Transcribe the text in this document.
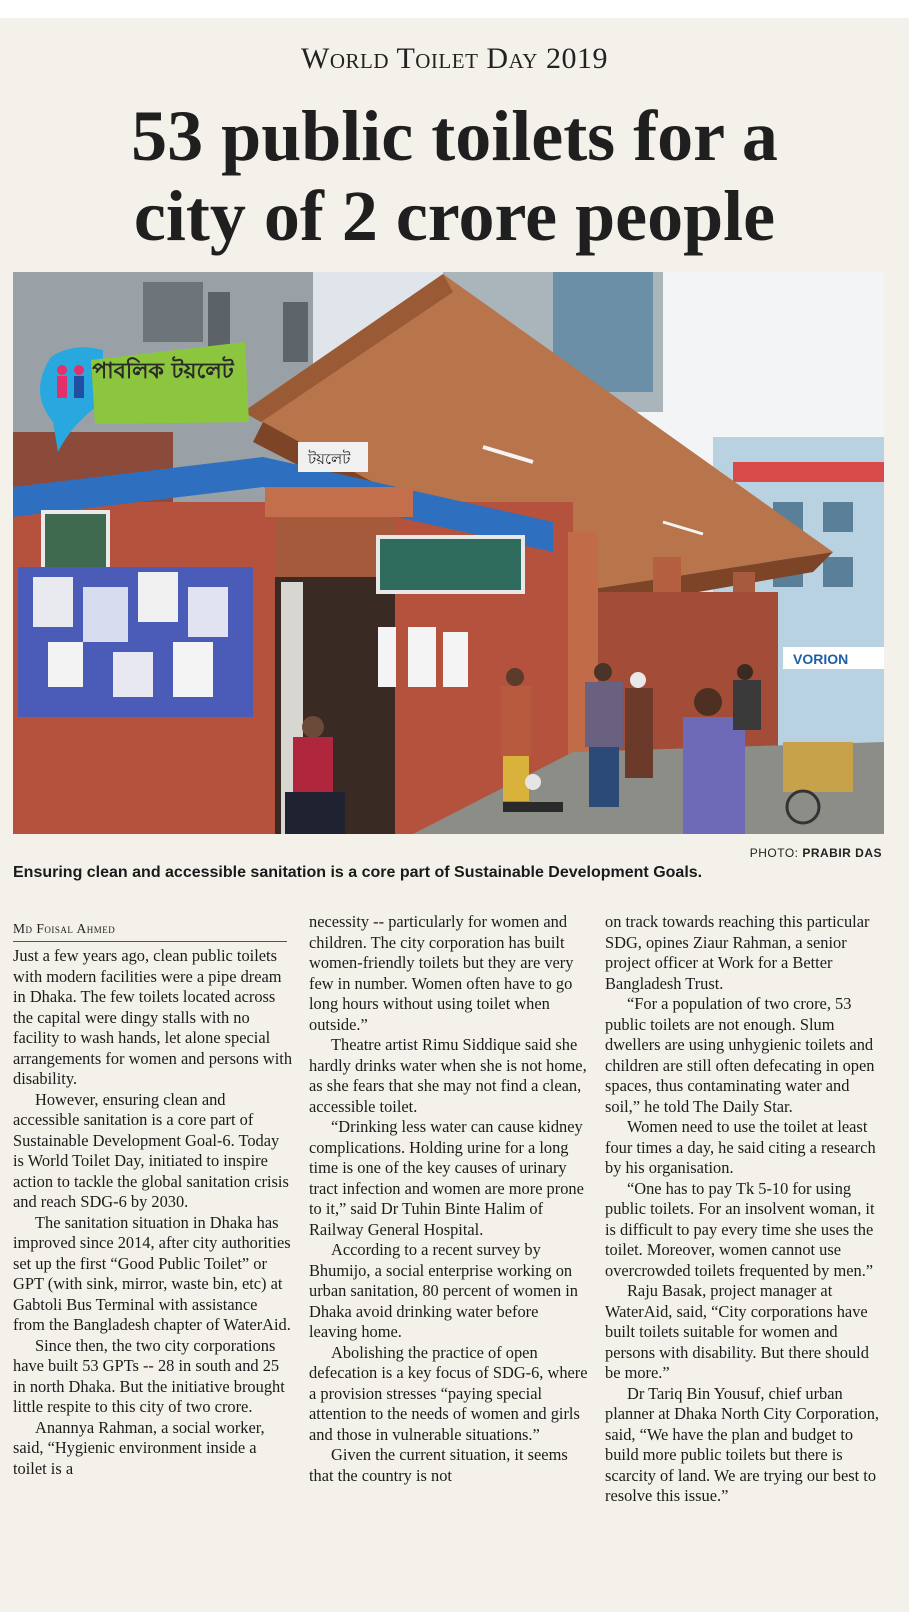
World Toilet Day 2019
53 public toilets for a
city of 2 crore people
VORION
টয়লেট
পাবলিক টয়লেট
PHOTO: PRABIR DAS
Ensuring clean and accessible sanitation is a core part of Sustainable Development Goals.
Md Foisal Ahmed

Just a few years ago, clean public toilets with modern facilities were a pipe dream in Dhaka. The few toilets located across the capital were dingy stalls with no facility to wash hands, let alone special arrangements for women and persons with disability.

However, ensuring clean and accessible sanitation is a core part of Sustainable Development Goal-6. Today is World Toilet Day, initiated to inspire action to tackle the global sanitation crisis and reach SDG-6 by 2030.

The sanitation situation in Dhaka has improved since 2014, after city authorities set up the first “Good Public Toilet” or GPT (with sink, mirror, waste bin, etc) at Gabtoli Bus Terminal with assistance from the Bangladesh chapter of WaterAid.

Since then, the two city corporations have built 53 GPTs -- 28 in south and 25 in north Dhaka. But the initiative brought little respite to this city of two crore.

Anannya Rahman, a social worker, said, “Hygienic environment inside a toilet is a

necessity -- particularly for women and children. The city corporation has built women-friendly toilets but they are very few in number. Women often have to go long hours without using toilet when outside.”

Theatre artist Rimu Siddique said she hardly drinks water when she is not home, as she fears that she may not find a clean, accessible toilet.

“Drinking less water can cause kidney complications. Holding urine for a long time is one of the key causes of urinary tract infection and women are more prone to it,” said Dr Tuhin Binte Halim of Railway General Hospital.

According to a recent survey by Bhumijo, a social enterprise working on urban sanitation, 80 percent of women in Dhaka avoid drinking water before leaving home.

Abolishing the practice of open defecation is a key focus of SDG-6, where a provision stresses “paying special attention to the needs of women and girls and those in vulnerable situations.”

Given the current situation, it seems that the country is not

on track towards reaching this particular SDG, opines Ziaur Rahman, a senior project officer at Work for a Better Bangladesh Trust.

“For a population of two crore, 53 public toilets are not enough. Slum dwellers are using unhygienic toilets and children are still often defecating in open spaces, thus contaminating water and soil,” he told The Daily Star.

Women need to use the toilet at least four times a day, he said citing a research by his organisation.

“One has to pay Tk 5-10 for using public toilets. For an insolvent woman, it is difficult to pay every time she uses the toilet. Moreover, women cannot use overcrowded toilets frequented by men.”

Raju Basak, project manager at WaterAid, said, “City corporations have built toilets suitable for women and persons with disability. But there should be more.”

Dr Tariq Bin Yousuf, chief urban planner at Dhaka North City Corporation, said, “We have the plan and budget to build more public toilets but there is scarcity of land. We are trying our best to resolve this issue.”
